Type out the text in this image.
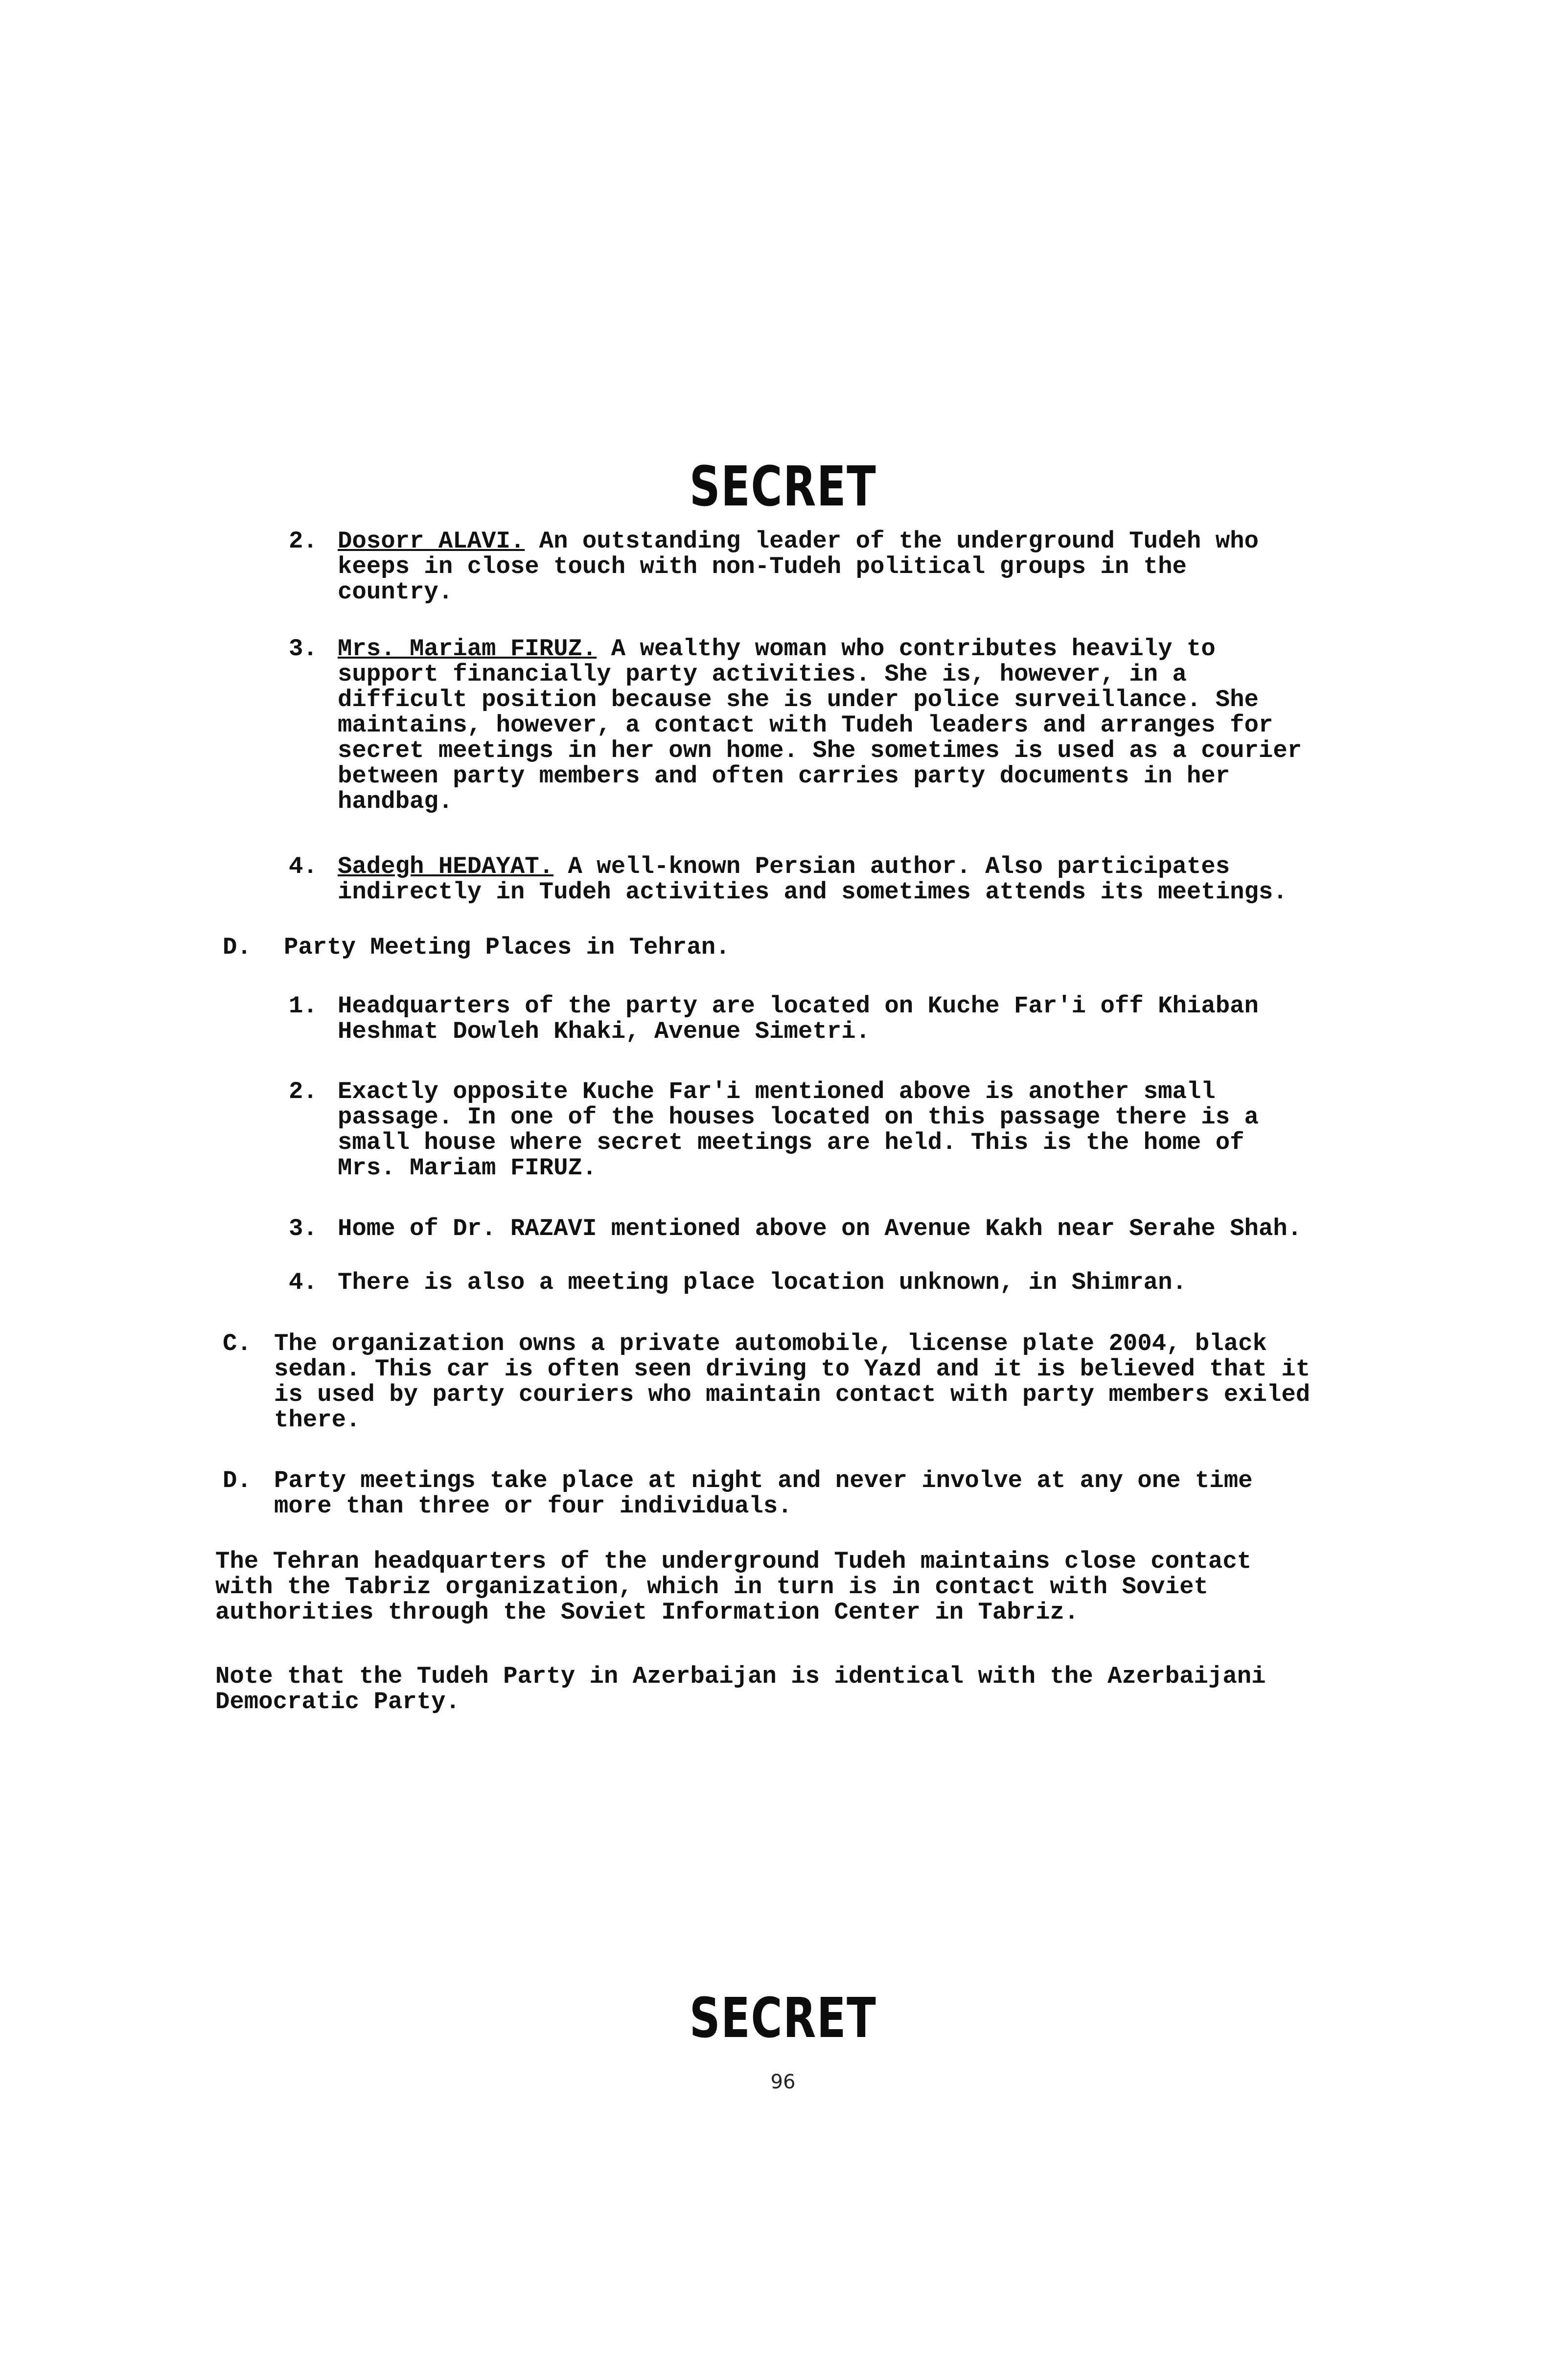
SECRET
2. Dosorr ALAVI. An outstanding leader of the underground Tudeh who keeps in close touch with non-Tudeh political groups in the country.
3. Mrs. Mariam FIRUZ. A wealthy woman who contributes heavily to support financially party activities. She is, however, in a difficult position because she is under police surveillance. She maintains, however, a contact with Tudeh leaders and arranges for secret meetings in her own home. She sometimes is used as a courier between party members and often carries party documents in her handbag.
4. Sadegh HEDAYAT. A well-known Persian author. Also participates indirectly in Tudeh activities and sometimes attends its meetings.
D. Party Meeting Places in Tehran.
1. Headquarters of the party are located on Kuche Far'i off Khiaban Heshmat Dowleh Khaki, Avenue Simetri.
2. Exactly opposite Kuche Far'i mentioned above is another small passage. In one of the houses located on this passage there is a small house where secret meetings are held. This is the home of Mrs. Mariam FIRUZ.
3. Home of Dr. RAZAVI mentioned above on Avenue Kakh near Serahe Shah.
4. There is also a meeting place location unknown, in Shimran.
C. The organization owns a private automobile, license plate 2004, black sedan. This car is often seen driving to Yazd and it is believed that it is used by party couriers who maintain contact with party members exiled there.
D. Party meetings take place at night and never involve at any one time more than three or four individuals.
The Tehran headquarters of the underground Tudeh maintains close contact with the Tabriz organization, which in turn is in contact with Soviet authorities through the Soviet Information Center in Tabriz.
Note that the Tudeh Party in Azerbaijan is identical with the Azerbaijani Democratic Party.
SECRET
96
